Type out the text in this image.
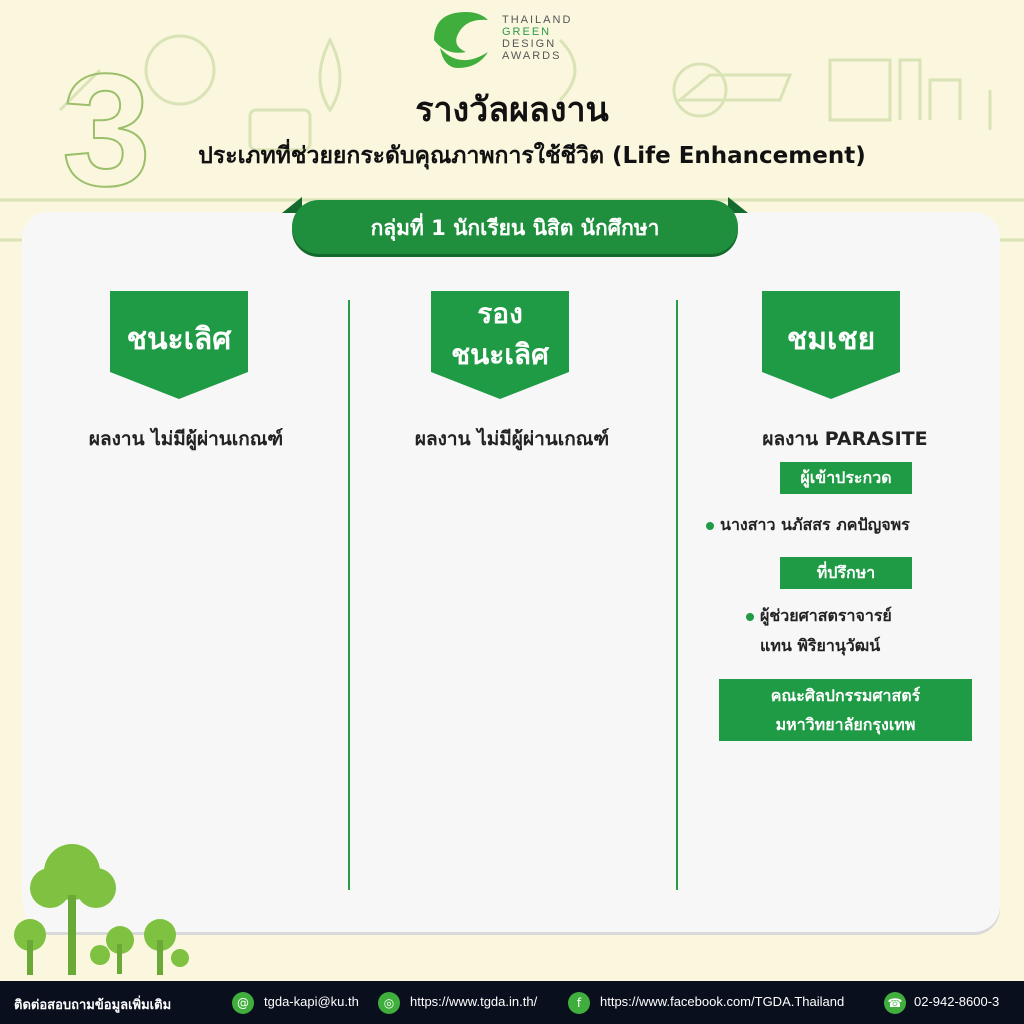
THAILAND
GREEN
DESIGN
AWARDS
3	รางวัลผลงาน
ประเภทที่ช่วยยกระดับคุณภาพการใช้ชีวิต (Life Enhancement)
กลุ่มที่ 1 นักเรียน นิสิต นักศึกษา
ชนะเลิศ
ผลงาน ไม่มีผู้ผ่านเกณฑ์
รอง
ชนะเลิศ
ผลงาน ไม่มีผู้ผ่านเกณฑ์
ชมเชย
ผลงาน PARASITE
ผู้เข้าประกวด
นางสาว นภัสสร ภคปัญจพร
ที่ปรึกษา
ผู้ช่วยศาสตราจารย์
แทน พิริยานุวัฒน์
คณะศิลปกรรมศาสตร์
มหาวิทยาลัยกรุงเทพ
ติดต่อสอบถามข้อมูลเพิ่มเติม	@	tgda-kapi@ku.th	◎	https://www.tgda.in.th/	f	https://www.facebook.com/TGDA.Thailand	☎ 02-942-8600-3
